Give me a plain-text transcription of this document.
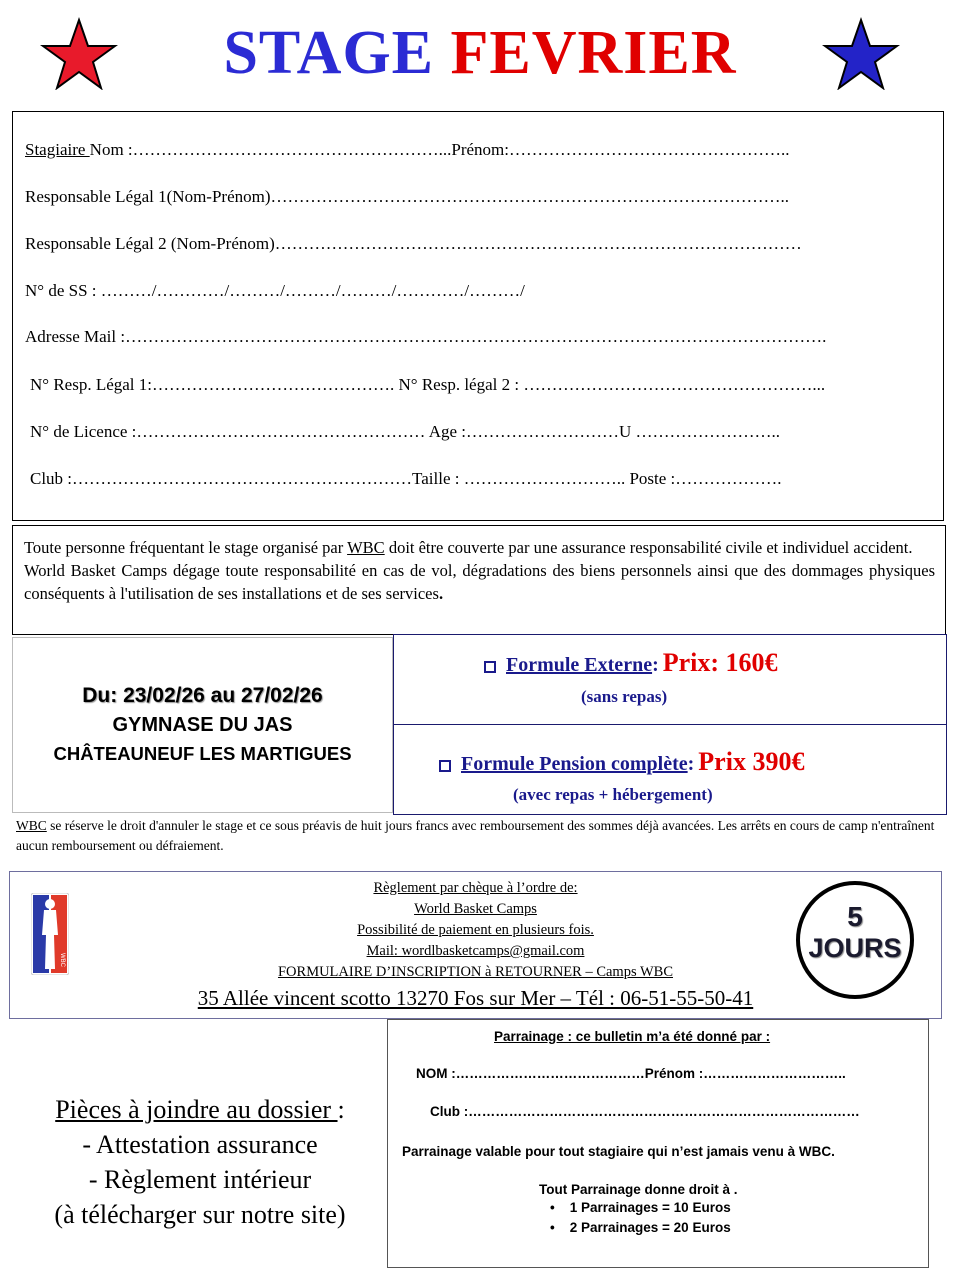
STAGE FEVRIER
Stagiaire Nom :………………………………………………...Prénom:…………………………………………..
Responsable Légal 1(Nom-Prénom)………………………………………………………………………………..
Responsable Légal 2 (Nom-Prénom)…………………………………………………………………………………
N° de SS : ………/…………/………/………/………/…………/………/
Adresse Mail :…………………………………………………………………………………………………………….
N° Resp. Légal 1:……………………………………. N° Resp. légal 2 : ……………………………………………...
N° de Licence :…………………………………………… Age :………………………U ……………………..
Club :……………………………………………………Taille : ……………………….. Poste :……………….
Toute personne fréquentant le stage organisé par WBC doit être couverte par une assurance responsabilité civile et individuel accident.
World Basket Camps dégage toute responsabilité en cas de vol, dégradations des biens personnels ainsi que des dommages physiques conséquents à l'utilisation de ses installations et de ses services.
Du: 23/02/26 au 27/02/26
GYMNASE DU JAS
CHÂTEAUNEUF LES MARTIGUES
Formule Externe: Prix: 160€
(sans repas)
Formule Pension complète: Prix 390€
(avec repas + hébergement)
WBC se réserve le droit d'annuler le stage et ce sous préavis de huit jours francs avec remboursement des sommes déjà avancées. Les arrêts en cours de camp n'entraînent aucun remboursement ou défraiement.
WBC
Règlement par chèque à l’ordre de:
World Basket Camps
Possibilité de paiement en plusieurs fois.
Mail: wordlbasketcamps@gmail.com
FORMULAIRE D’INSCRIPTION à RETOURNER – Camps WBC
35 Allée vincent scotto 13270 Fos sur Mer – Tél : 06-51-55-50-41
5
JOURS
Pièces à joindre au dossier :
- Attestation assurance
- Règlement intérieur
(à télécharger sur notre site)
Parrainage : ce bulletin m’a été donné par :
NOM :……………………………………Prénom :…………………………..
Club :……………………………………………………………………………
Parrainage valable pour tout stagiaire qui n’est jamais venu à WBC.
Tout Parrainage donne droit à .
•    1 Parrainages = 10 Euros
•    2 Parrainages = 20 Euros
